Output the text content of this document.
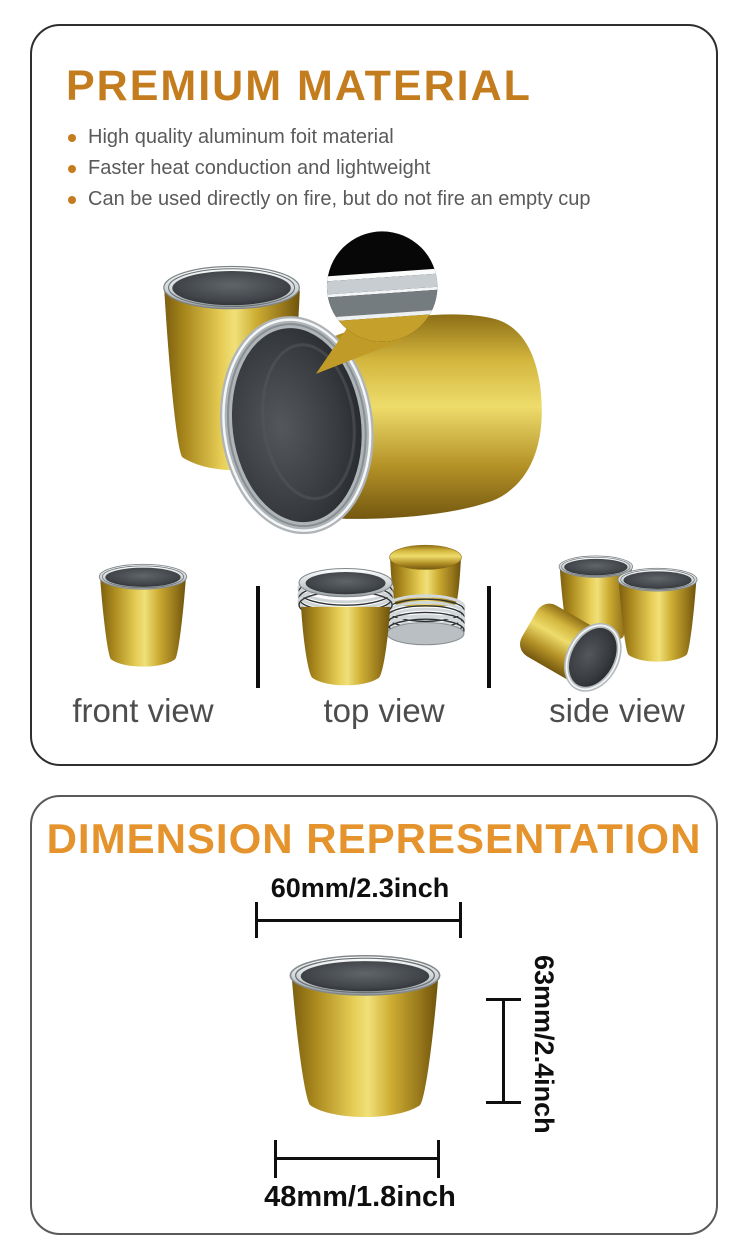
PREMIUM MATERIAL
High quality aluminum foit material
Faster heat conduction and lightweight
Can be used directly on fire, but do not fire an empty cup
front view	top view	side view
DIMENSION REPRESENTATION
60mm/2.3inch
63mm/2.4inch
48mm/1.8inch
